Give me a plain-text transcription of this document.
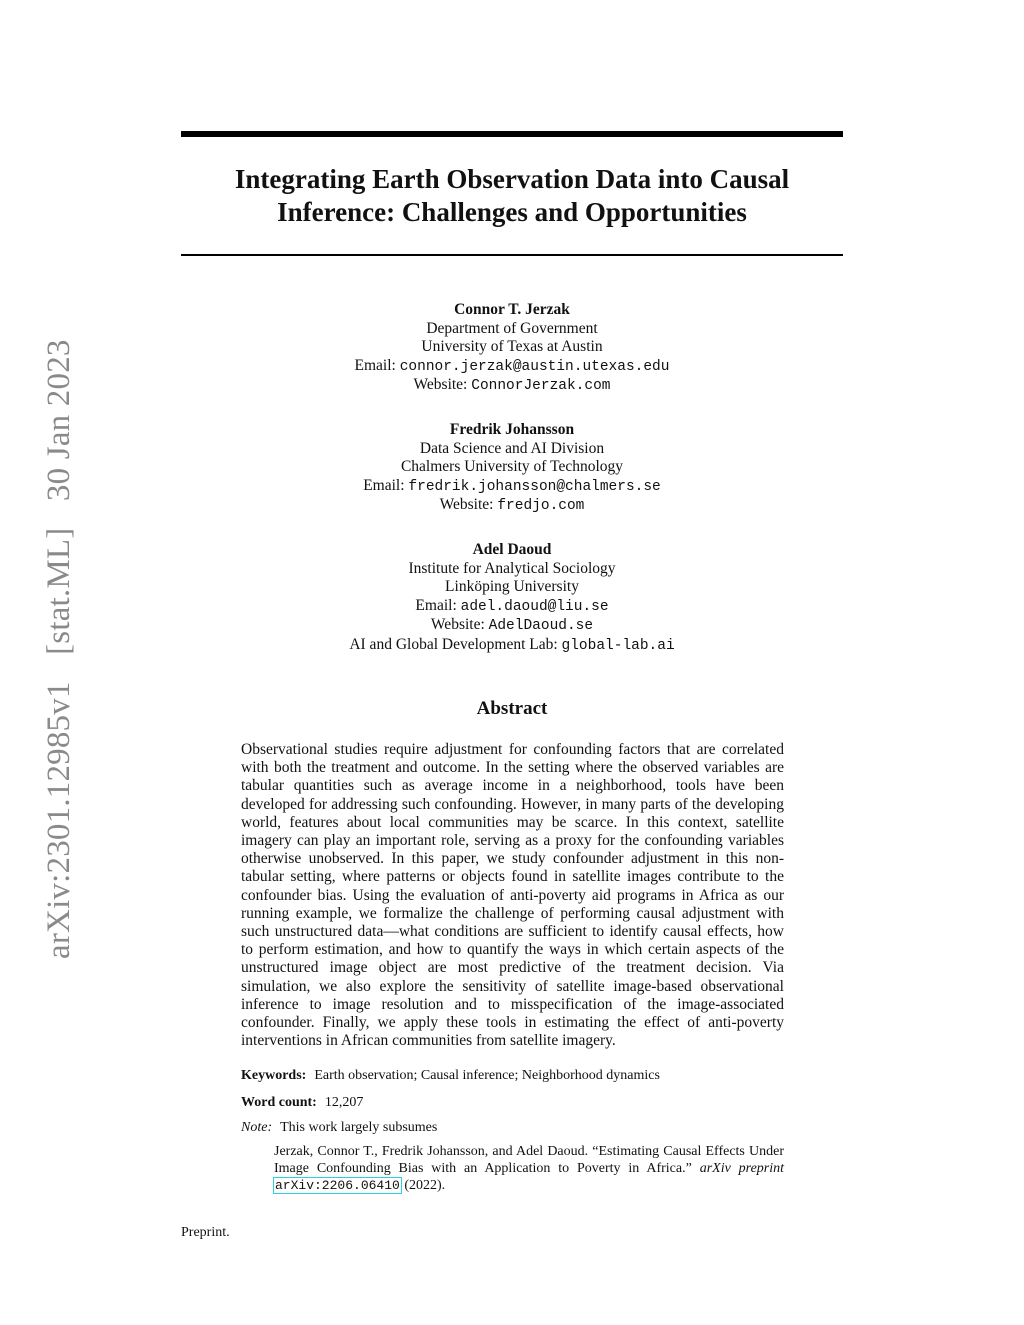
arXiv:2301.12985v1 [stat.ML] 30 Jan 2023
Integrating Earth Observation Data into Causal
Inference: Challenges and Opportunities
Connor T. Jerzak
Department of Government
University of Texas at Austin
Email: connor.jerzak@austin.utexas.edu
Website: ConnorJerzak.com
Fredrik Johansson
Data Science and AI Division
Chalmers University of Technology
Email: fredrik.johansson@chalmers.se
Website: fredjo.com
Adel Daoud
Institute for Analytical Sociology
Linköping University
Email: adel.daoud@liu.se
Website: AdelDaoud.se
AI and Global Development Lab: global-lab.ai
Abstract

Observational studies require adjustment for confounding factors that are correlated with both the treatment and outcome. In the setting where the observed variables are tabular quantities such as average income in a neighborhood, tools have been developed for addressing such confounding. However, in many parts of the developing world, features about local communities may be scarce. In this context, satellite imagery can play an important role, serving as a proxy for the confounding variables otherwise unobserved. In this paper, we study confounder adjustment in this non-tabular setting, where patterns or objects found in satellite images contribute to the confounder bias. Using the evaluation of anti-poverty aid programs in Africa as our running example, we formalize the challenge of performing causal adjustment with such unstructured data—what conditions are sufficient to identify causal effects, how to perform estimation, and how to quantify the ways in which certain aspects of the unstructured image object are most predictive of the treatment decision. Via simulation, we also explore the sensitivity of satellite image-based observational inference to image resolution and to misspecification of the image-associated confounder. Finally, we apply these tools in estimating the effect of anti-poverty interventions in African communities from satellite imagery.

Keywords: Earth observation; Causal inference; Neighborhood dynamics
Word count: 12,207
Note: This work largely subsumes

Jerzak, Connor T., Fredrik Johansson, and Adel Daoud. “Estimating Causal Effects Under Image Confounding Bias with an Application to Poverty in Africa.” arXiv preprint arXiv:2206.06410 (2022).

Preprint.
